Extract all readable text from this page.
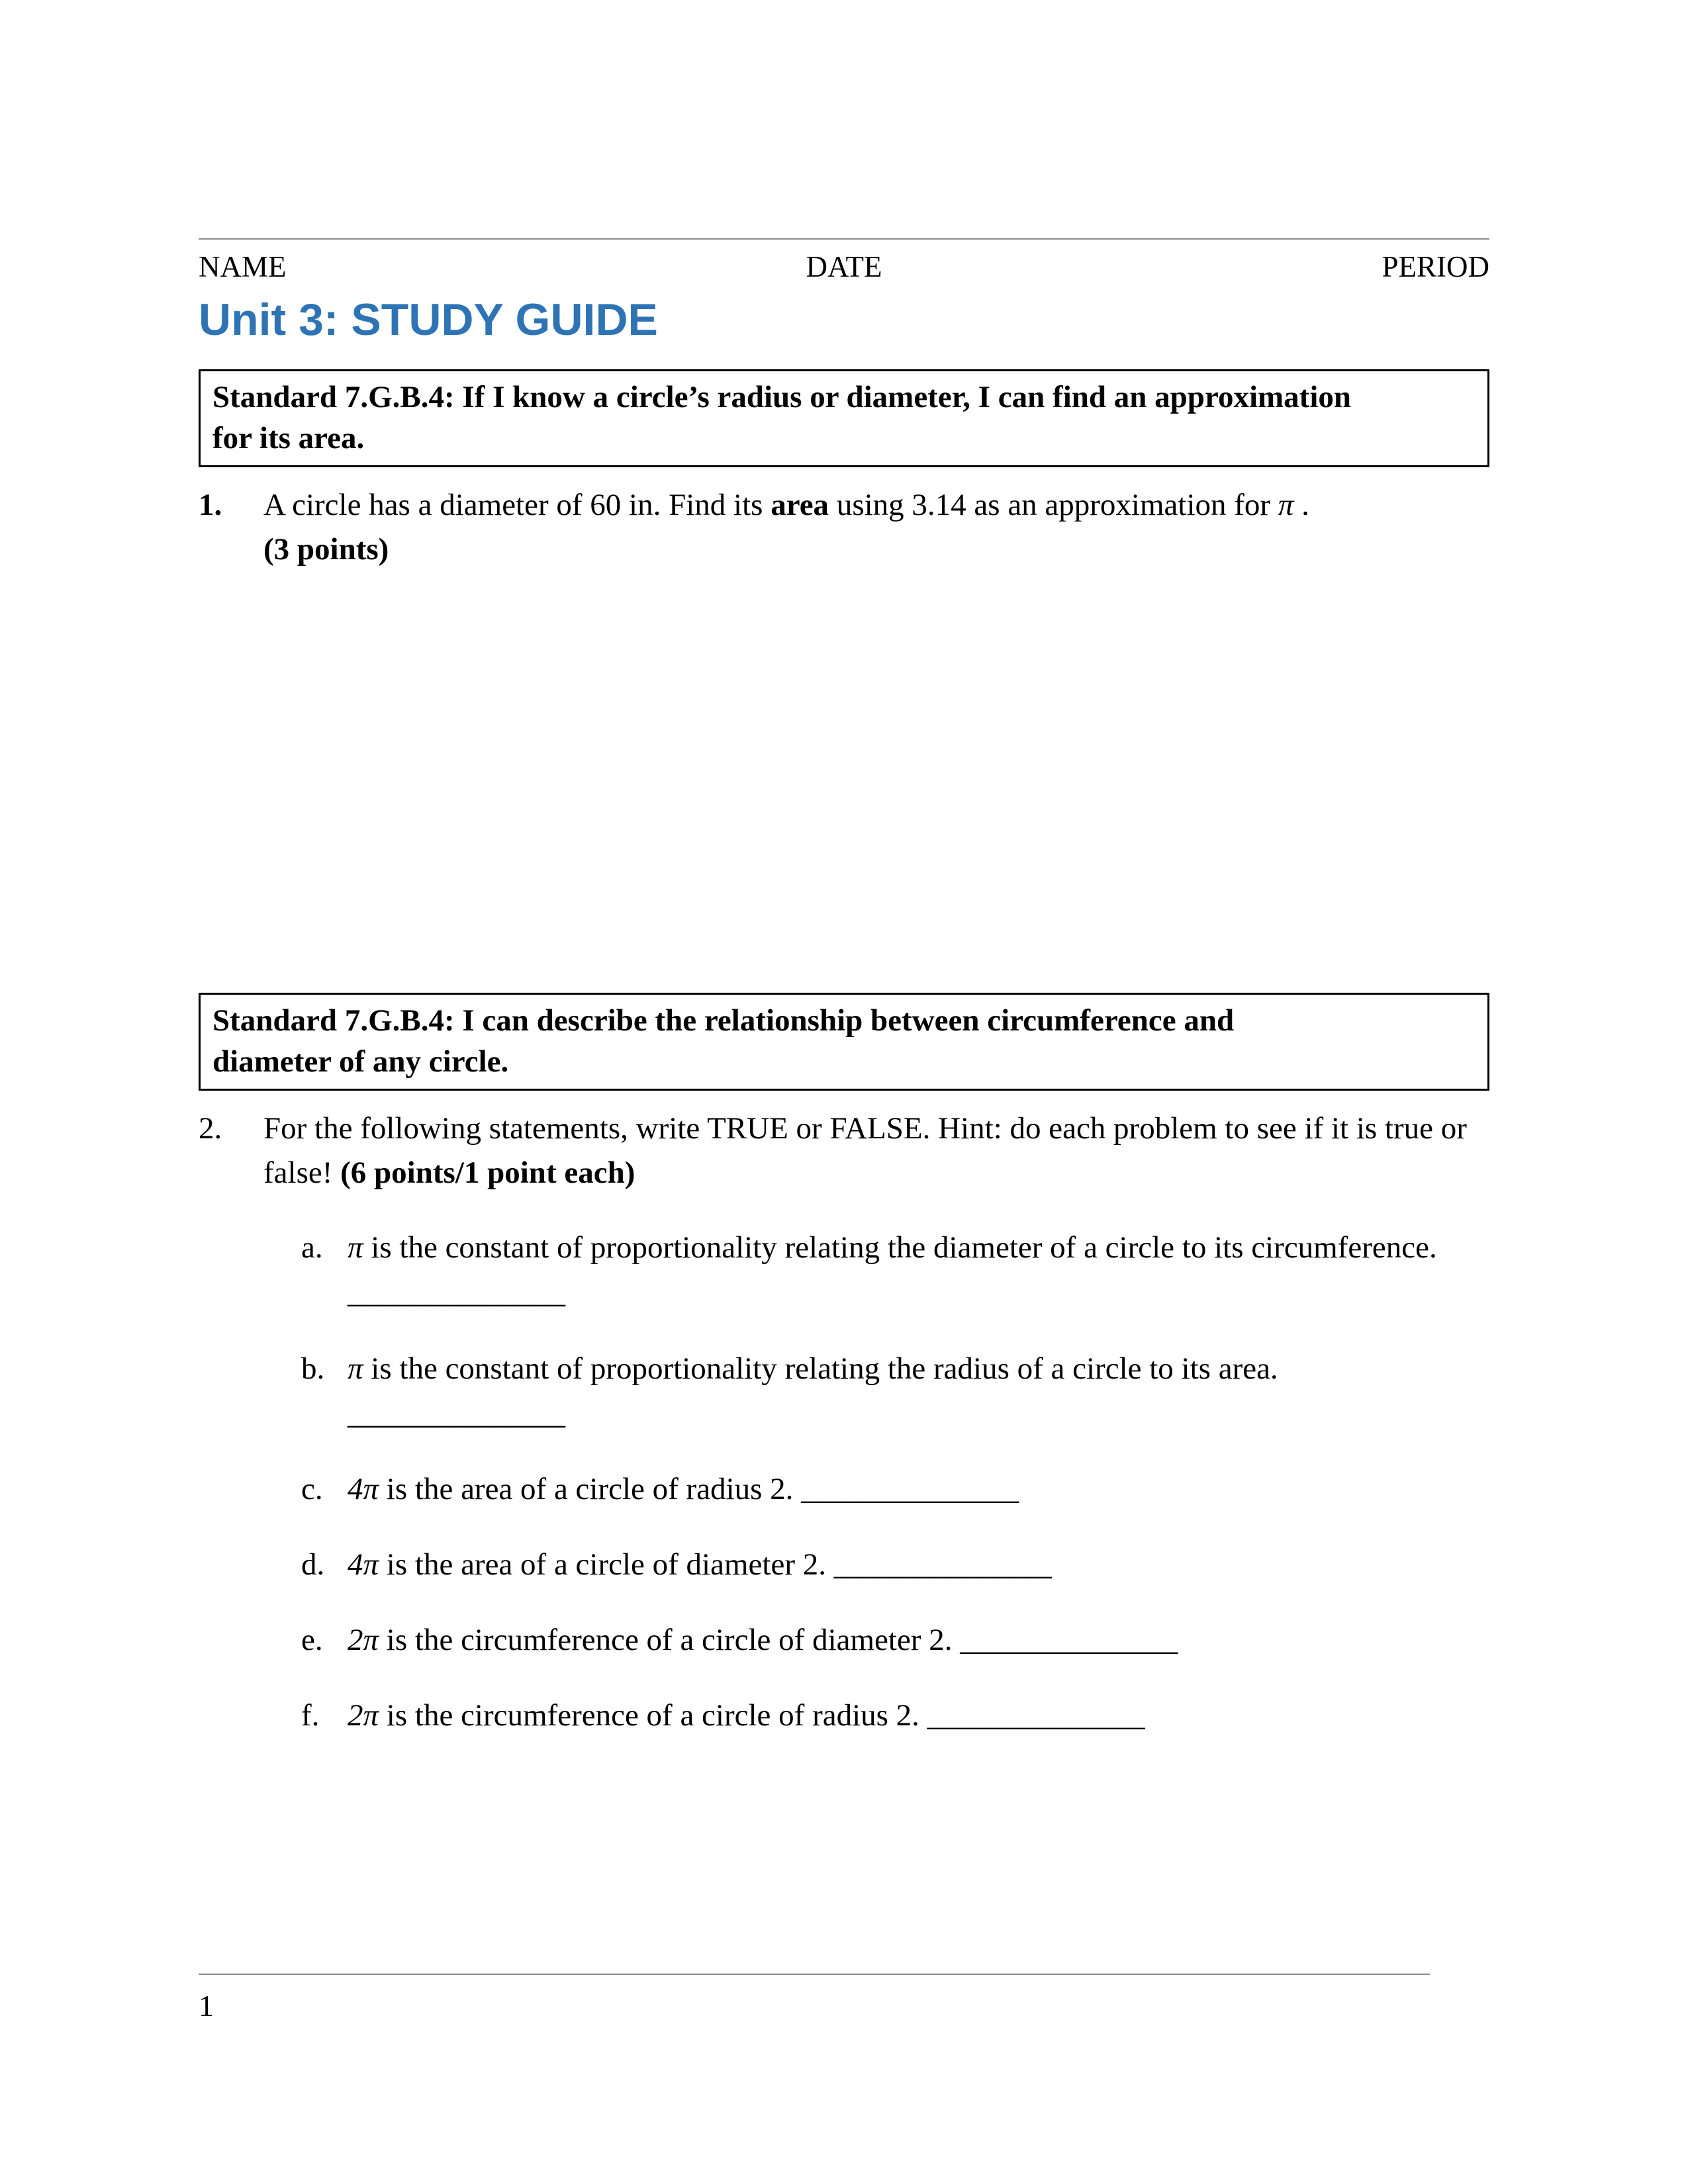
NAME	DATE	PERIOD
Unit 3: STUDY GUIDE
Standard 7.G.B.4: If I know a circle’s radius or diameter, I can find an approximation
for its area.
1.	A circle has a diameter of 60 in. Find its area using 3.14 as an approximation for π .
(3 points)
Standard 7.G.B.4: I can describe the relationship between circumference and
diameter of any circle.
2.	For the following statements, write TRUE or FALSE. Hint: do each problem to see if it is true or false! (6 points/1 point each)
a. π is the constant of proportionality relating the diameter of a circle to its circumference. ______________
b. π is the constant of proportionality relating the radius of a circle to its area. ______________
c. 4π is the area of a circle of radius 2. ______________
d. 4π is the area of a circle of diameter 2. ______________
e. 2π is the circumference of a circle of diameter 2. ______________
f. 2π is the circumference of a circle of radius 2. ______________
1
